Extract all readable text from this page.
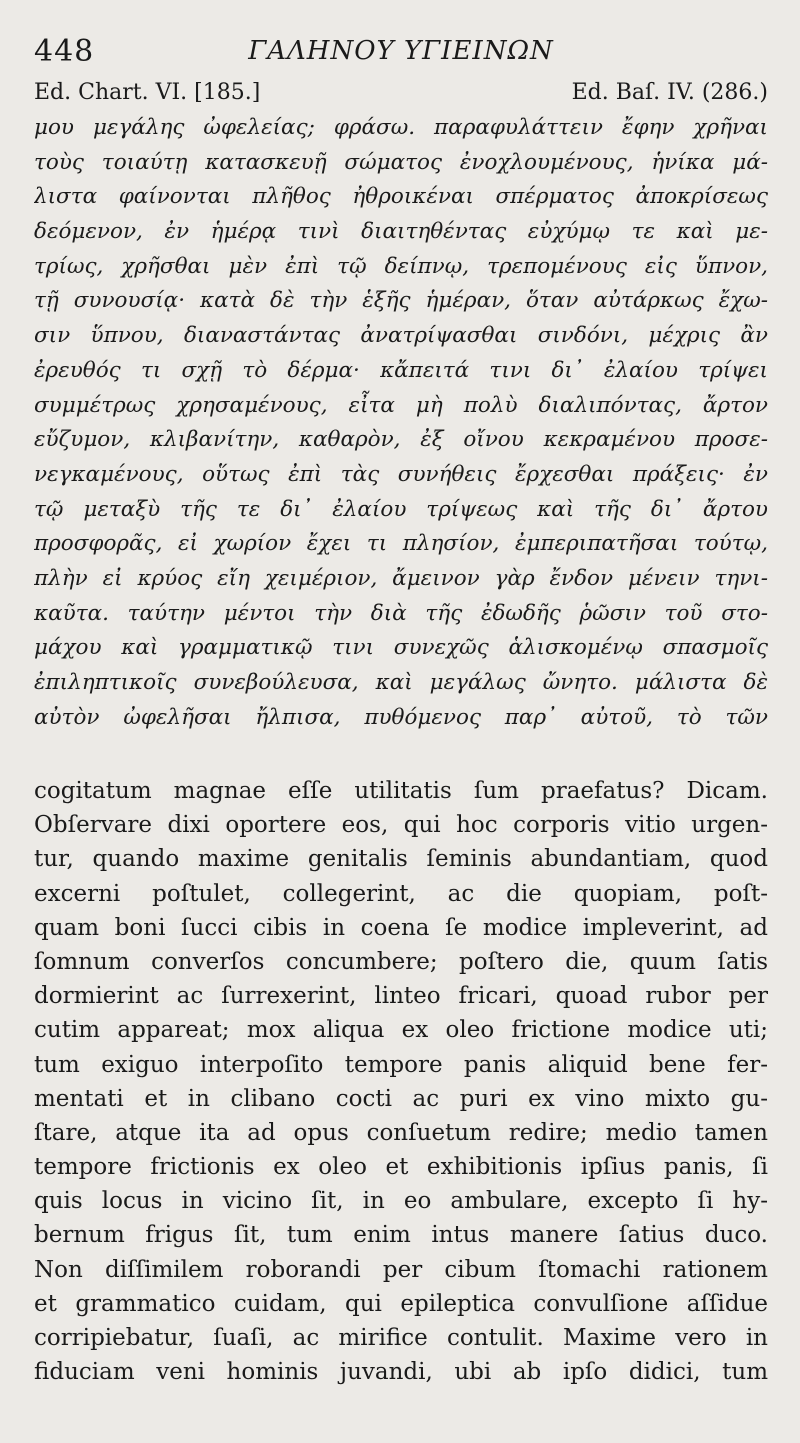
448	ΓΑΛΗΝΟΥ ΥΓΙΕΙΝΩΝ
Ed. Chart. VI. [185.]	Ed. Baſ. IV. (286.)
μου μεγάλης ὠφελείας; φράσω. παραφυλάττειν ἔφην χρῆναι
τοὺς τοιαύτῃ κατασκευῇ σώματος ἐνοχλουμένους, ἡνίκα μά-
λιστα φαίνονται πλῆθος ἠθροικέναι σπέρματος ἀποκρίσεως
δεόμενον, ἐν ἡμέρᾳ τινὶ διαιτηθέντας εὐχύμῳ τε καὶ με-
τρίως, χρῆσθαι μὲν ἐπὶ τῷ δείπνῳ, τρεπομένους εἰς ὕπνον,
τῇ συνουσίᾳ· κατὰ δὲ τὴν ἑξῆς ἡμέραν, ὅταν αὐτάρκως ἔχω-
σιν ὕπνου, διαναστάντας ἀνατρίψασθαι σινδόνι, μέχρις ἂν
ἐρευθός τι σχῇ τὸ δέρμα· κἄπειτά τινι δι᾿ ἐλαίου τρίψει
συμμέτρως χρησαμένους, εἶτα μὴ πολὺ διαλιπόντας, ἄρτον
εὔζυμον, κλιβανίτην, καθαρὸν, ἐξ οἴνου κεκραμένου προσε-
νεγκαμένους, οὕτως ἐπὶ τὰς συνήθεις ἔρχεσθαι πράξεις· ἐν
τῷ μεταξὺ τῆς τε δι᾿ ἐλαίου τρίψεως καὶ τῆς δι᾿ ἄρτου
προσφορᾶς, εἰ χωρίον ἔχει τι πλησίον, ἐμπεριπατῆσαι τούτῳ,
πλὴν εἰ κρύος εἴη χειμέριον, ἄμεινον γὰρ ἔνδον μένειν τηνι-
καῦτα. ταύτην μέντοι τὴν διὰ τῆς ἐδωδῆς ῥῶσιν τοῦ στο-
μάχου καὶ γραμματικῷ τινι συνεχῶς ἁλισκομένῳ σπασμοῖς
ἐπιληπτικοῖς συνεβούλευσα, καὶ μεγάλως ὤνητο. μάλιστα δὲ
αὐτὸν ὠφελῆσαι ἤλπισα, πυθόμενος παρ᾿ αὐτοῦ, τὸ τῶν
cogitatum magnae eſſe utilitatis ſum praefatus? Dicam.
Obſervare dixi oportere eos, qui hoc corporis vitio urgen-
tur, quando maxime genitalis ſeminis abundantiam, quod
excerni poſtulet, collegerint, ac die quopiam, poſt-
quam boni ſucci cibis in coena ſe modice impleverint, ad
ſomnum converſos concumbere; poſtero die, quum ſatis
dormierint ac ſurrexerint, linteo fricari, quoad rubor per
cutim appareat; mox aliqua ex oleo frictione modice uti;
tum exiguo interpoſito tempore panis aliquid bene fer-
mentati et in clibano cocti ac puri ex vino mixto gu-
ſtare, atque ita ad opus conſuetum redire; medio tamen
tempore frictionis ex oleo et exhibitionis ipſius panis, ſi
quis locus in vicino ſit, in eo ambulare, excepto ſi hy-
bernum frigus ſit, tum enim intus manere ſatius duco.
Non diſſimilem roborandi per cibum ſtomachi rationem
et grammatico cuidam, qui epileptica convulſione aſſidue
corripiebatur, ſuaſi, ac mirifice contulit. Maxime vero in
fiduciam veni hominis juvandi, ubi ab ipſo didici, tum
